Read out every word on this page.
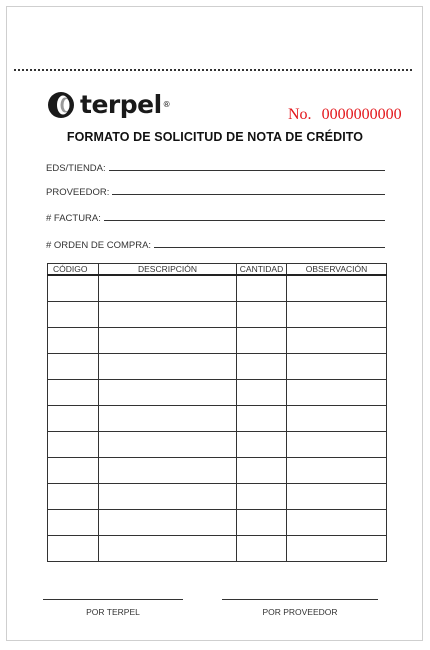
terpel®
No. 0000000000
FORMATO DE SOLICITUD DE NOTA DE CRÉDITO
EDS/TIENDA:
PROVEEDOR:
# FACTURA:
# ORDEN DE COMPRA:
CÓDIGO	DESCRIPCIÓN	CANTIDAD	OBSERVACIÓN

POR TERPEL	POR PROVEEDOR
